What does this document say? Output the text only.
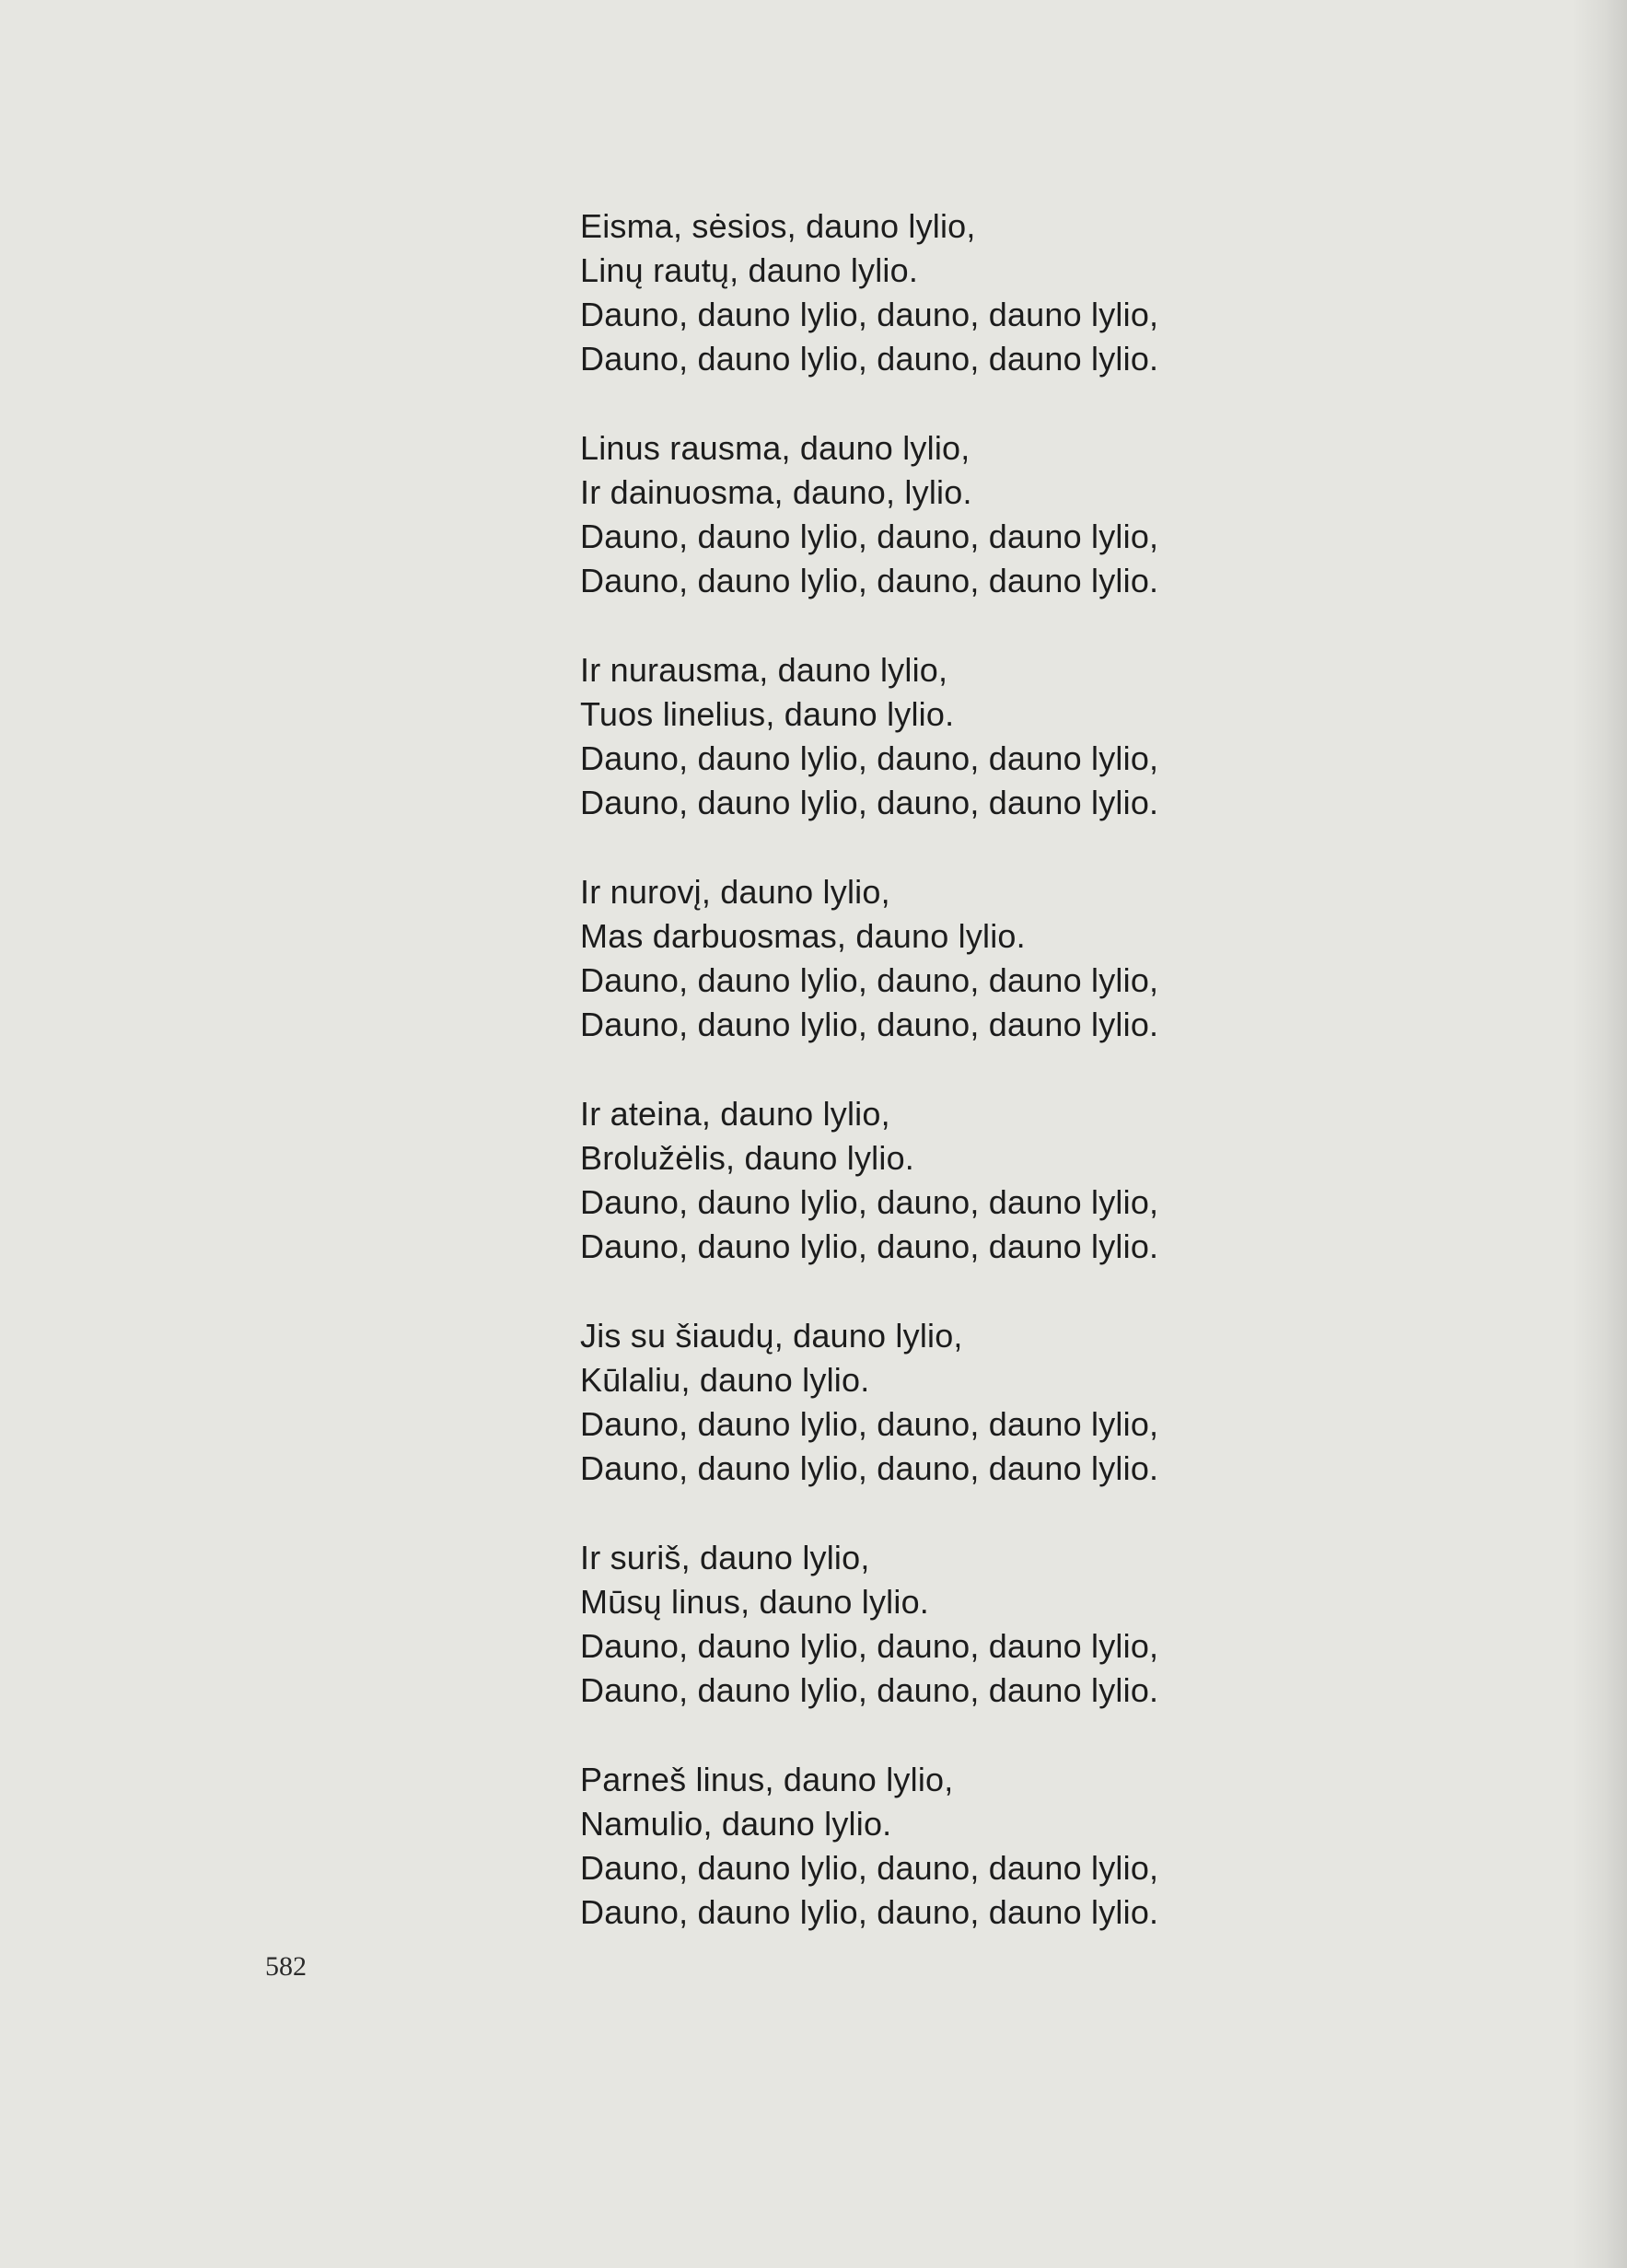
Eisma, sėsios, dauno lylio,
Linų rautų, dauno lylio.
Dauno, dauno lylio, dauno, dauno lylio,
Dauno, dauno lylio, dauno, dauno lylio.
Linus rausma, dauno lylio,
Ir dainuosma, dauno, lylio.
Dauno, dauno lylio, dauno, dauno lylio,
Dauno, dauno lylio, dauno, dauno lylio.
Ir nurausma, dauno lylio,
Tuos linelius, dauno lylio.
Dauno, dauno lylio, dauno, dauno lylio,
Dauno, dauno lylio, dauno, dauno lylio.
Ir nurovį, dauno lylio,
Mas darbuosmas, dauno lylio.
Dauno, dauno lylio, dauno, dauno lylio,
Dauno, dauno lylio, dauno, dauno lylio.
Ir ateina, dauno lylio,
Brolužėlis, dauno lylio.
Dauno, dauno lylio, dauno, dauno lylio,
Dauno, dauno lylio, dauno, dauno lylio.
Jis su šiaudų, dauno lylio,
Kūlaliu, dauno lylio.
Dauno, dauno lylio, dauno, dauno lylio,
Dauno, dauno lylio, dauno, dauno lylio.
Ir suriš, dauno lylio,
Mūsų linus, dauno lylio.
Dauno, dauno lylio, dauno, dauno lylio,
Dauno, dauno lylio, dauno, dauno lylio.
Parneš linus, dauno lylio,
Namulio, dauno lylio.
Dauno, dauno lylio, dauno, dauno lylio,
Dauno, dauno lylio, dauno, dauno lylio.
582
